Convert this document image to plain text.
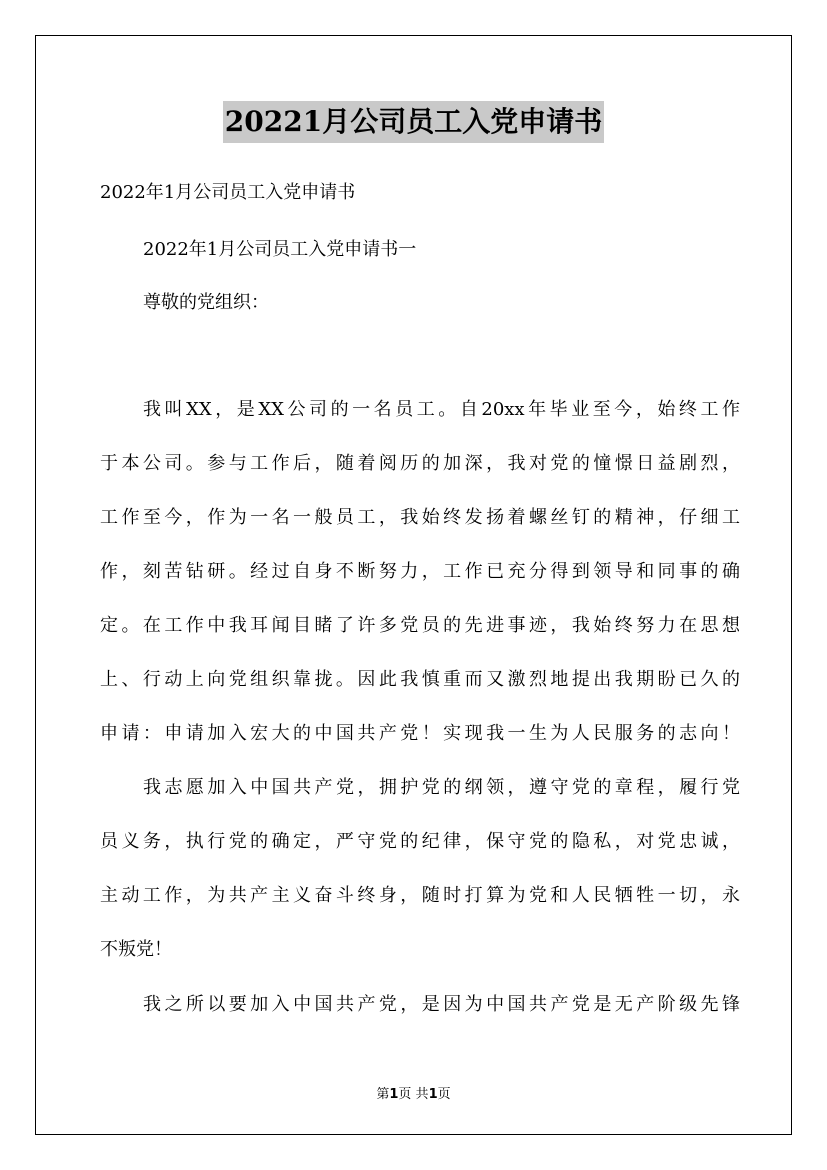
20221月公司员工入党申请书
2022年1月公司员工入党申请书
2022年1月公司员工入党申请书一
尊敬的党组织：
我叫XX，是XX公司的一名员工。自20xx年毕业至今，始终工作
于本公司。参与工作后，随着阅历的加深，我对党的憧憬日益剧烈，
工作至今，作为一名一般员工，我始终发扬着螺丝钉的精神，仔细工
作，刻苦钻研。经过自身不断努力，工作已充分得到领导和同事的确
定。在工作中我耳闻目睹了许多党员的先进事迹，我始终努力在思想
上、行动上向党组织靠拢。因此我慎重而又激烈地提出我期盼已久的
申请：申请加入宏大的中国共产党！实现我一生为人民服务的志向！
我志愿加入中国共产党，拥护党的纲领，遵守党的章程，履行党
员义务，执行党的确定，严守党的纪律，保守党的隐私，对党忠诚，
主动工作，为共产主义奋斗终身，随时打算为党和人民牺牲一切，永
不叛党！
我之所以要加入中国共产党，是因为中国共产党是无产阶级先锋
第1页 共1页
